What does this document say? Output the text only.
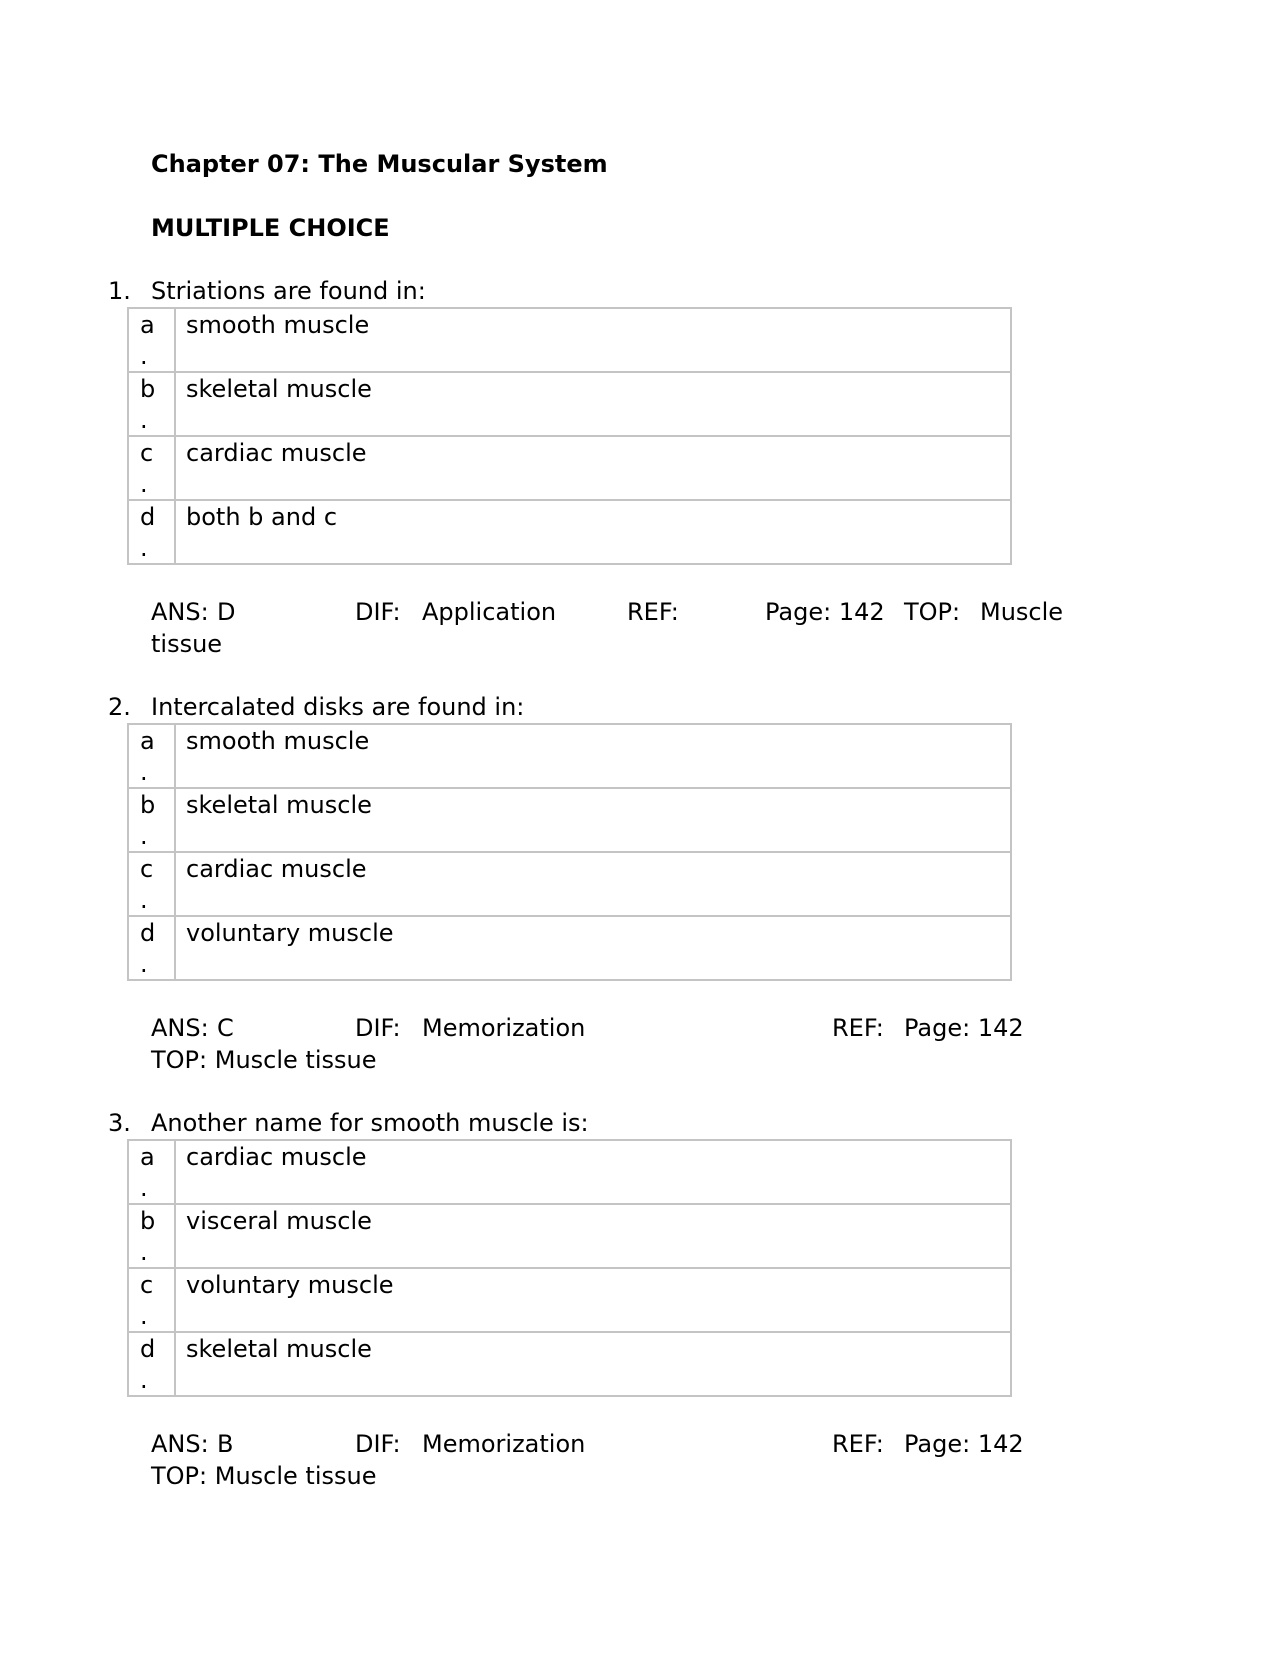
Chapter 07: The Muscular System
MULTIPLE CHOICE
1. Striations are found in:
a
.	smooth muscle
b
.	skeletal muscle
c
.	cardiac muscle
d
.	both b and c
ANS: D	DIF: Application	REF:	Page: 142 TOP: Muscle
tissue
2. Intercalated disks are found in:
a
.	smooth muscle
b
.	skeletal muscle
c
.	cardiac muscle
d
.	voluntary muscle
ANS: C	DIF: Memorization	REF: Page: 142
TOP: Muscle tissue
3. Another name for smooth muscle is:
a
.	cardiac muscle
b
.	visceral muscle
c
.	voluntary muscle
d
.	skeletal muscle
ANS: B	DIF: Memorization	REF: Page: 142
TOP: Muscle tissue
